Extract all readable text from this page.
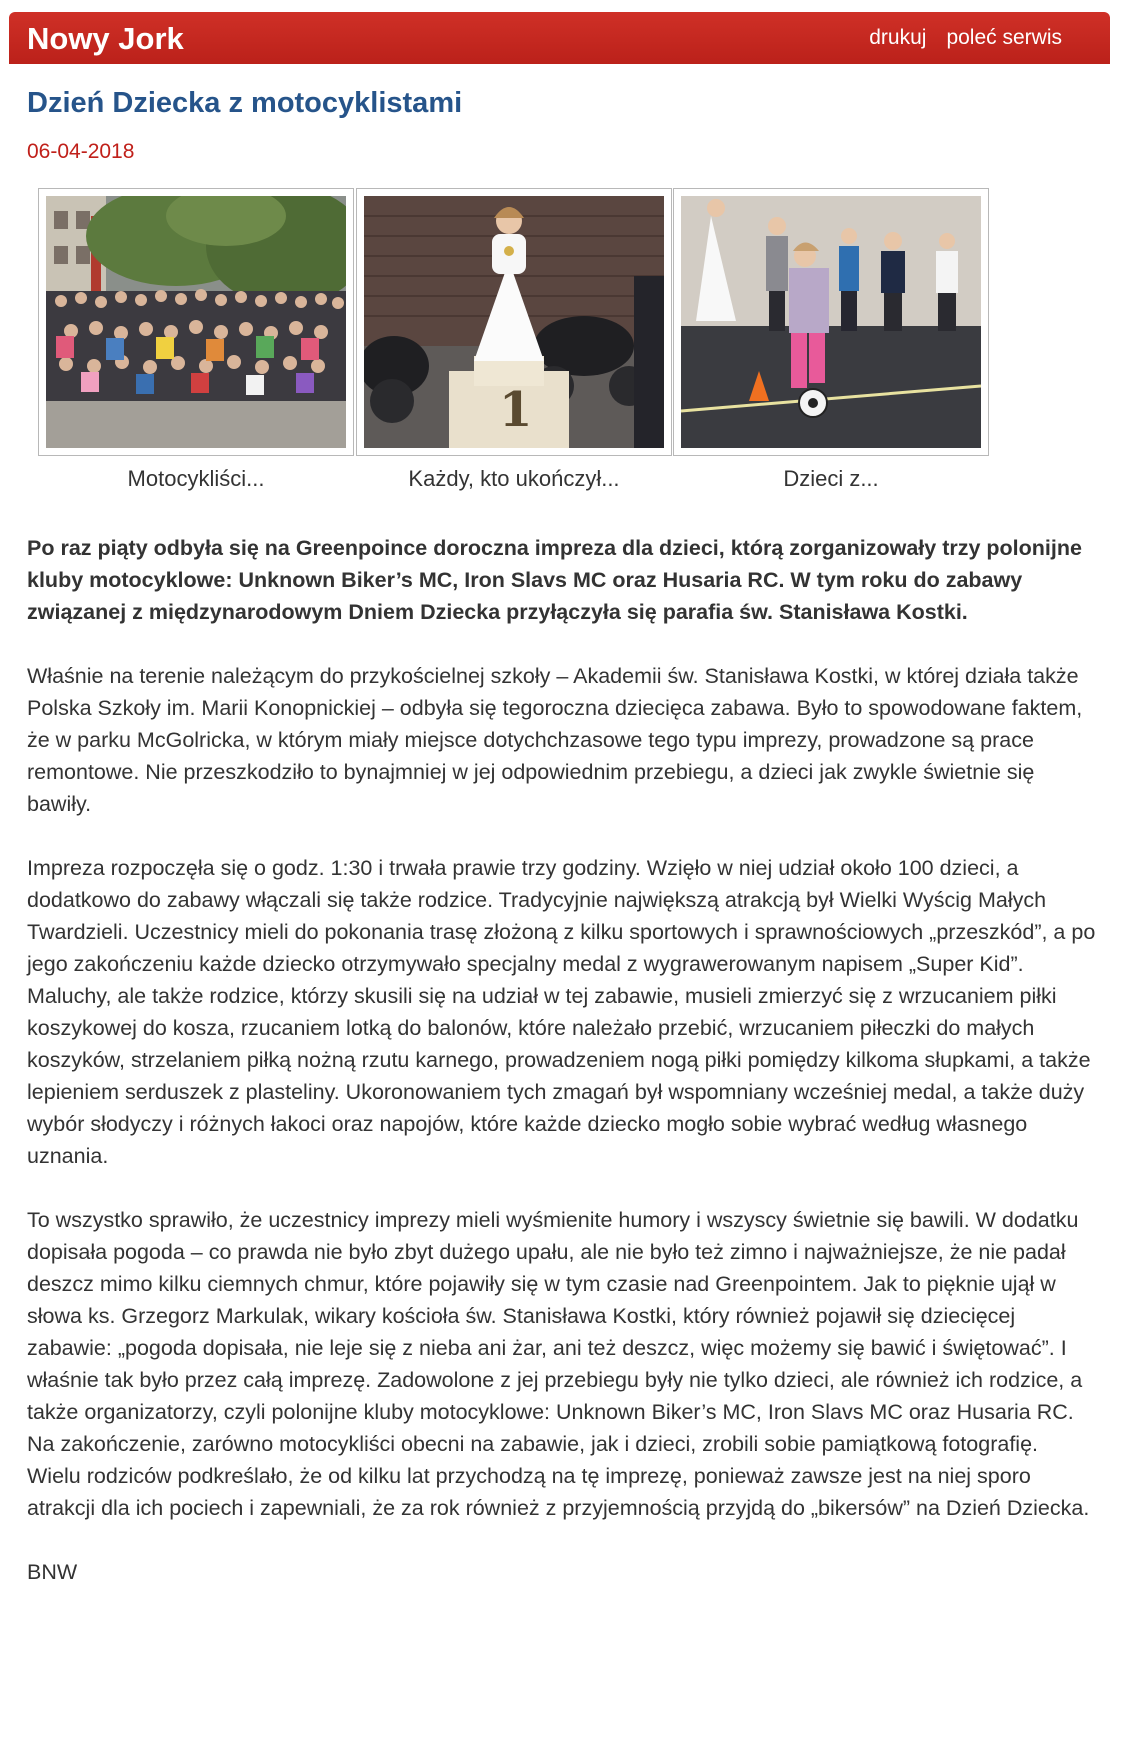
Nowy Jork	drukuj poleć serwis
Dzień Dziecka z motocyklistami
06-04-2018
Motocykliści...
1
Każdy, kto ukończył...	Dzieci z...

Po raz piąty odbyła się na Greenpoince doroczna impreza dla dzieci, którą zorganizowały trzy polonijne kluby motocyklowe: Unknown Biker’s MC, Iron Slavs MC oraz Husaria RC. W tym roku do zabawy związanej z międzynarodowym Dniem Dziecka przyłączyła się parafia św. Stanisława Kostki.

Właśnie na terenie należącym do przykościelnej szkoły – Akademii św. Stanisława Kostki, w której działa także Polska Szkoły im. Marii Konopnickiej – odbyła się tegoroczna dziecięca zabawa. Było to spowodowane faktem, że w parku McGolricka, w którym miały miejsce dotychchzasowe tego typu imprezy, prowadzone są prace remontowe. Nie przeszkodziło to bynajmniej w jej odpowiednim przebiegu, a dzieci jak zwykle świetnie się bawiły.

Impreza rozpoczęła się o godz. 1:30 i trwała prawie trzy godziny. Wzięło w niej udział około 100 dzieci, a dodatkowo do zabawy włączali się także rodzice. Tradycyjnie największą atrakcją był Wielki Wyścig Małych Twardzieli. Uczestnicy mieli do pokonania trasę złożoną z kilku sportowych i sprawnościowych „przeszkód”, a po jego zakończeniu każde dziecko otrzymywało specjalny medal z wygrawerowanym napisem „Super Kid”. Maluchy, ale także rodzice, którzy skusili się na udział w tej zabawie, musieli zmierzyć się z wrzucaniem piłki koszykowej do kosza, rzucaniem lotką do balonów, które należało przebić, wrzucaniem piłeczki do małych koszyków, strzelaniem piłką nożną rzutu karnego, prowadzeniem nogą piłki pomiędzy kilkoma słupkami, a także lepieniem serduszek z plasteliny. Ukoronowaniem tych zmagań był wspomniany wcześniej medal, a także duży wybór słodyczy i różnych łakoci oraz napojów, które każde dziecko mogło sobie wybrać według własnego uznania.

To wszystko sprawiło, że uczestnicy imprezy mieli wyśmienite humory i wszyscy świetnie się bawili. W dodatku dopisała pogoda – co prawda nie było zbyt dużego upału, ale nie było też zimno i najważniejsze, że nie padał deszcz mimo kilku ciemnych chmur, które pojawiły się w tym czasie nad Greenpointem. Jak to pięknie ujął w słowa ks. Grzegorz Markulak, wikary kościoła św. Stanisława Kostki, który również pojawił się dziecięcej zabawie: „pogoda dopisała, nie leje się z nieba ani żar, ani też deszcz, więc możemy się bawić i świętować”. I właśnie tak było przez całą imprezę. Zadowolone z jej przebiegu były nie tylko dzieci, ale również ich rodzice, a także organizatorzy, czyli polonijne kluby motocyklowe: Unknown Biker’s MC, Iron Slavs MC oraz Husaria RC. Na zakończenie, zarówno motocykliści obecni na zabawie, jak i dzieci, zrobili sobie pamiątkową fotografię. Wielu rodziców podkreślało, że od kilku lat przychodzą na tę imprezę, ponieważ zawsze jest na niej sporo atrakcji dla ich pociech i zapewniali, że za rok również z przyjemnością przyjdą do „bikersów” na Dzień Dziecka.

BNW
